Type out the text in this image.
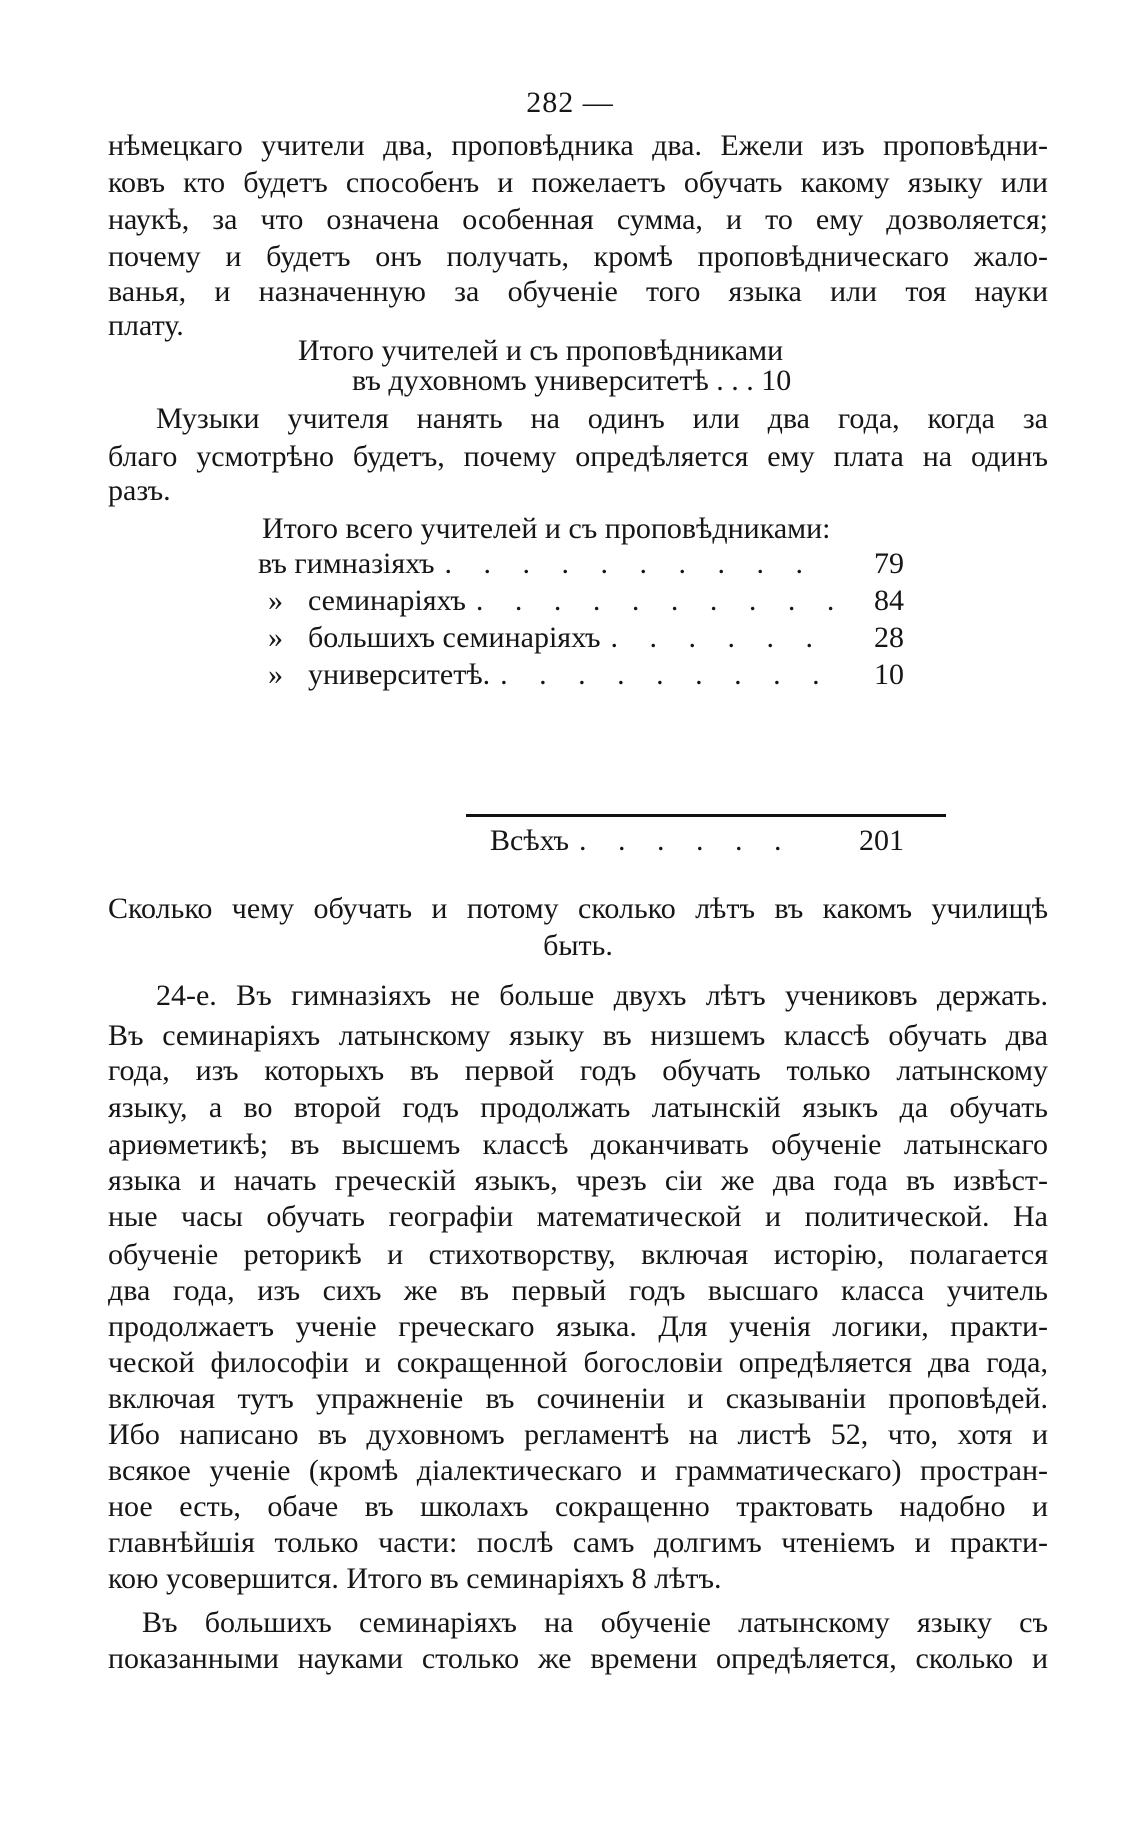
282 —
нѣмецкаго учители два, проповѣдника два. Ежели изъ проповѣдни-
ковъ кто будетъ способенъ и пожелаетъ обучать какому языку или
наукѣ, за что означена особенная сумма, и то ему дозволяется;
почему и будетъ онъ получать, кромѣ проповѣдническаго жало-
ванья, и назначенную за обученіе того языка или тоя науки
плату.
Итого учителей и съ проповѣдниками
въ духовномъ университетѣ . . . 10
Музыки учителя нанять на одинъ или два года, когда за
благо усмотрѣно будетъ, почему опредѣляется ему плата на одинъ
разъ.
Итого всего учителей и съ проповѣдниками:
въ гимназіяхъ . . . . . . . . . .	79
» семинаріяхъ . . . . . . . . . . 84
» большихъ семинаріяхъ . . . . . .	28
» университетѣ. . . . . . . . . .	10
Всѣхъ . . . . . .	201
Сколько чему обучать и потому сколько лѣтъ въ какомъ училищѣ
быть.
24-е. Въ гимназіяхъ не больше двухъ лѣтъ учениковъ держать.
Въ семинаріяхъ латынскому языку въ низшемъ классѣ обучать два
года, изъ которыхъ въ первой годъ обучать только латынскому
языку, а во второй годъ продолжать латынскій языкъ да обучать
ариѳметикѣ; въ высшемъ классѣ доканчивать обученіе латынскаго
языка и начать греческій языкъ, чрезъ сіи же два года въ извѣст-
ные часы обучать географіи математической и политической. На
обученіе реторикѣ и стихотворству, включая исторію, полагается
два года, изъ сихъ же въ первый годъ высшаго класса учитель
продолжаетъ ученіе греческаго языка. Для ученія логики, практи-
ческой философіи и сокращенной богословіи опредѣляется два года,
включая тутъ упражненіе въ сочиненіи и сказываніи проповѣдей.
Ибо написано въ духовномъ регламентѣ на листѣ 52, что, хотя и
всякое ученіе (кромѣ діалектическаго и грамматическаго) простран-
ное есть, обаче въ школахъ сокращенно трактовать надобно и
главнѣйшія только части: послѣ самъ долгимъ чтеніемъ и практи-
кою усовершится. Итого въ семинаріяхъ 8 лѣтъ.
Въ большихъ семинаріяхъ на обученіе латынскому языку съ
показанными науками столько же времени опредѣляется, сколько и
